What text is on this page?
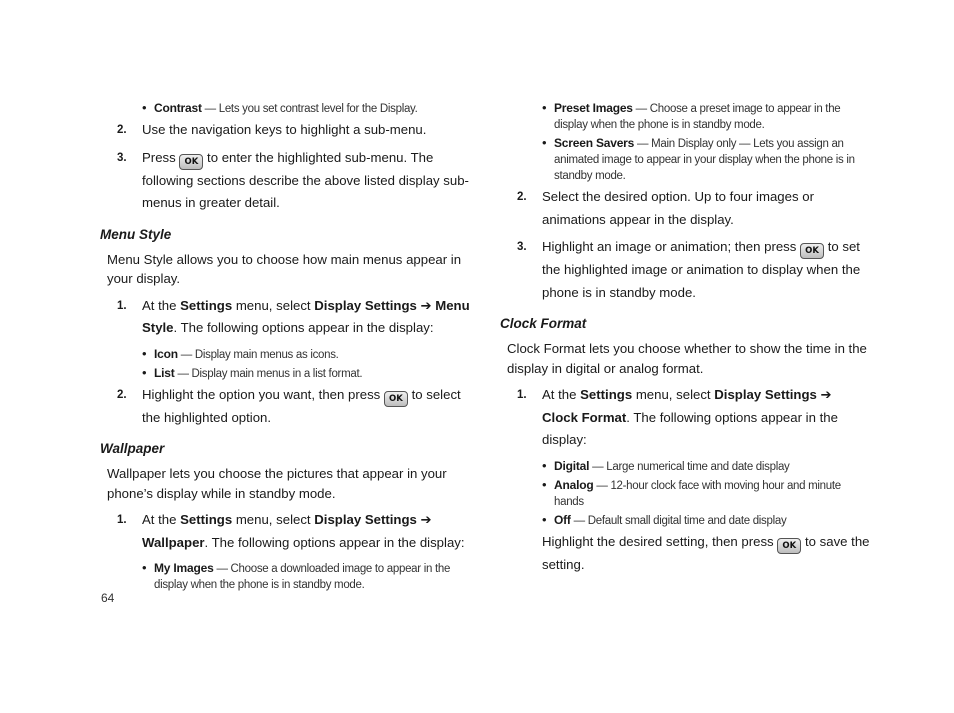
• Contrast — Lets you set contrast level for the Display.
2. Use the navigation keys to highlight a sub-menu.
3. Press OK to enter the highlighted sub-menu. The following sections describe the above listed display sub-menus in greater detail.
Menu Style
Menu Style allows you to choose how main menus appear in your display.
1. At the Settings menu, select Display Settings ➔ Menu Style. The following options appear in the display:
• Icon — Display main menus as icons.
• List — Display main menus in a list format.
2. Highlight the option you want, then press OK to select the highlighted option.
Wallpaper
Wallpaper lets you choose the pictures that appear in your phone’s display while in standby mode.
1. At the Settings menu, select Display Settings ➔ Wallpaper. The following options appear in the display:
• My Images — Choose a downloaded image to appear in the display when the phone is in standby mode.
• Preset Images — Choose a preset image to appear in the display when the phone is in standby mode.
• Screen Savers — Main Display only — Lets you assign an animated image to appear in your display when the phone is in standby mode.
2. Select the desired option. Up to four images or animations appear in the display.
3. Highlight an image or animation; then press OK to set the highlighted image or animation to display when the phone is in standby mode.
Clock Format
Clock Format lets you choose whether to show the time in the display in digital or analog format.
1. At the Settings menu, select Display Settings ➔ Clock Format. The following options appear in the display:
• Digital — Large numerical time and date display
• Analog — 12-hour clock face with moving hour and minute hands
• Off — Default small digital time and date display
Highlight the desired setting, then press OK to save the setting.
64
